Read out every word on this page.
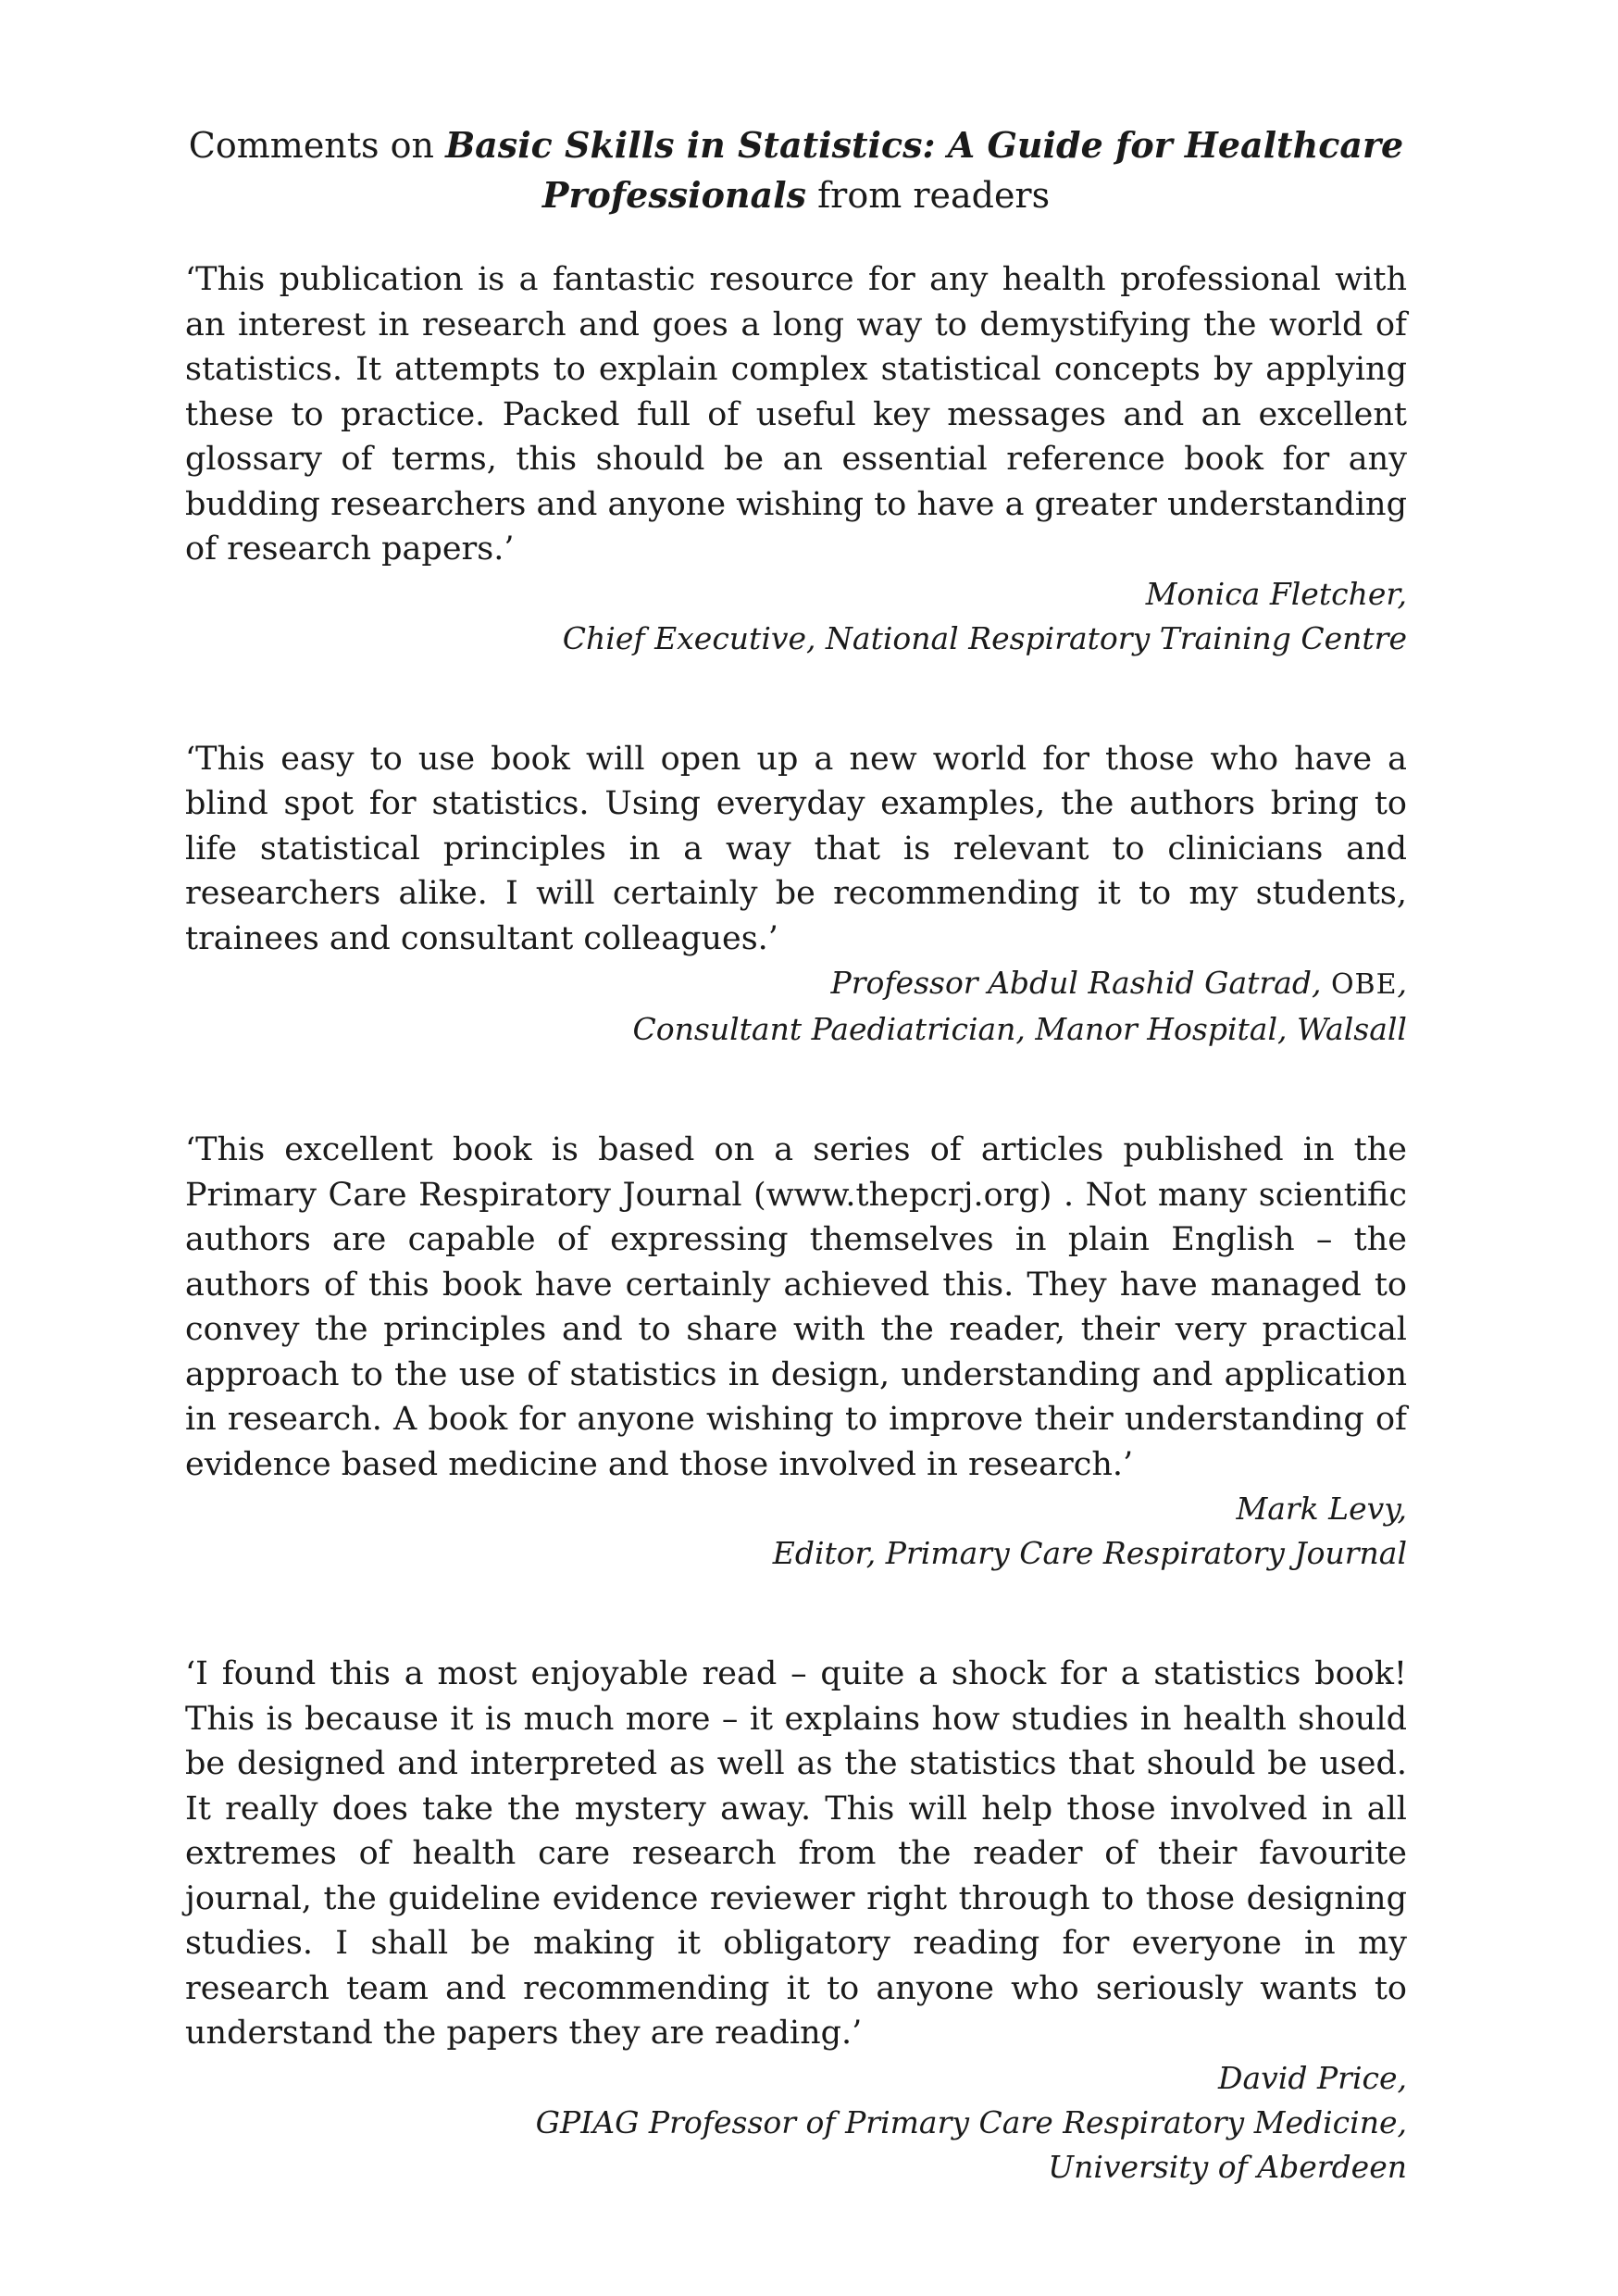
Comments on Basic Skills in Statistics: A Guide for Healthcare Professionals from readers

‘This publication is a fantastic resource for any health professional with an interest in research and goes a long way to demystifying the world of statistics. It attempts to explain complex statistical concepts by applying these to practice. Packed full of useful key messages and an excellent glossary of terms, this should be an essential reference book for any budding researchers and anyone wishing to have a greater understanding of research papers.’

Monica Fletcher,

Chief Executive, National Respiratory Training Centre

‘This easy to use book will open up a new world for those who have a blind spot for statistics. Using everyday examples, the authors bring to life statistical principles in a way that is relevant to clinicians and researchers alike. I will certainly be recommending it to my students, trainees and consultant colleagues.’

Professor Abdul Rashid Gatrad, OBE,

Consultant Paediatrician, Manor Hospital, Walsall

‘This excellent book is based on a series of articles published in the Primary Care Respiratory Journal (www.thepcrj.org) . Not many scientific authors are capable of expressing themselves in plain English – the authors of this book have certainly achieved this. They have managed to convey the principles and to share with the reader, their very practical approach to the use of statistics in design, understanding and application in research. A book for anyone wishing to improve their understanding of evidence based medicine and those involved in research.’

Mark Levy,

Editor, Primary Care Respiratory Journal

‘I found this a most enjoyable read – quite a shock for a statistics book! This is because it is much more – it explains how studies in health should be designed and interpreted as well as the statistics that should be used. It really does take the mystery away. This will help those involved in all extremes of health care research from the reader of their favourite journal, the guideline evidence reviewer right through to those designing studies. I shall be making it obligatory reading for everyone in my research team and recommending it to anyone who seriously wants to understand the papers they are reading.’

David Price,

GPIAG Professor of Primary Care Respiratory Medicine,

University of Aberdeen
